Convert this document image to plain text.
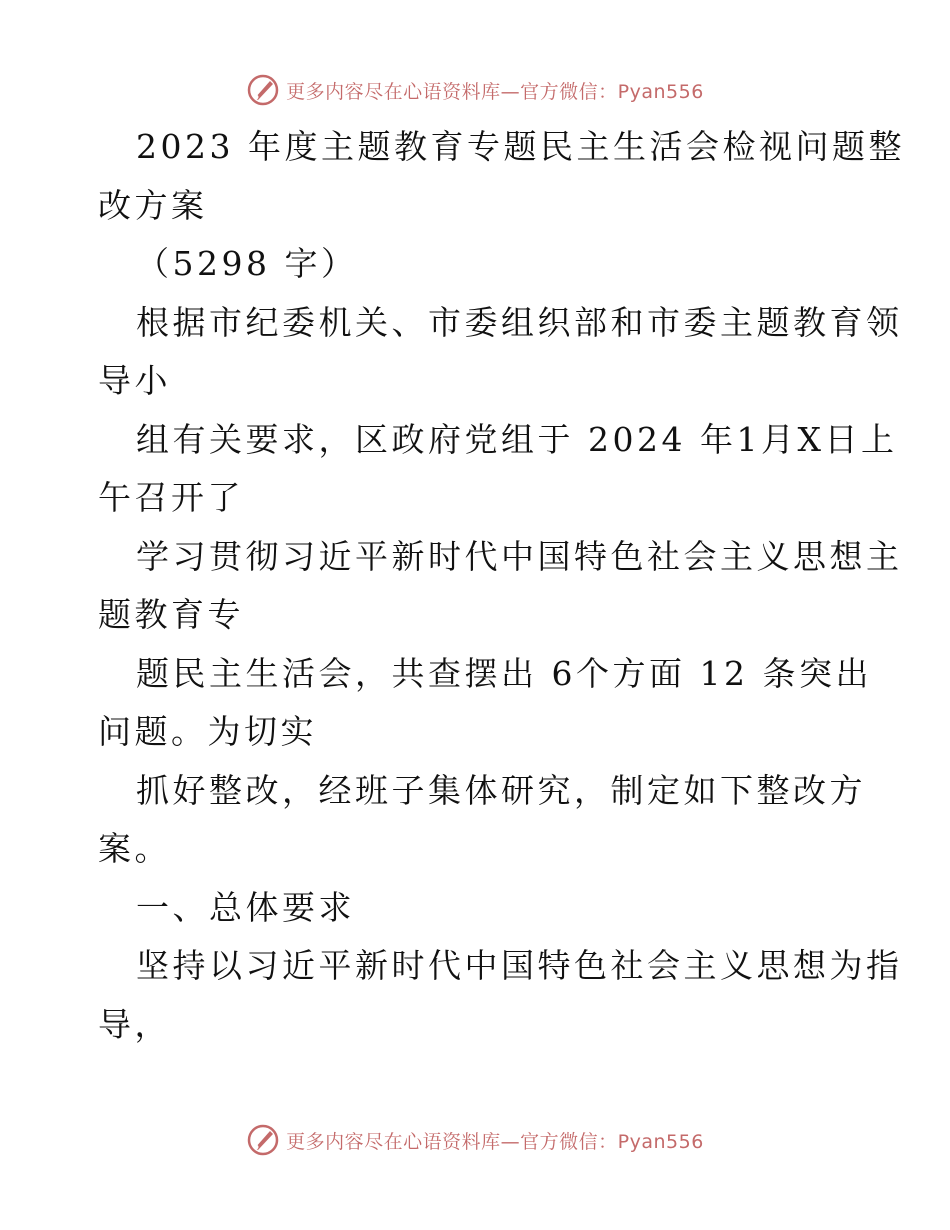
更多内容尽在心语资料库—官方微信：Pyan556
2023 年度主题教育专题民主生活会检视问题整
改方案
（5298 字）
根据市纪委机关、市委组织部和市委主题教育领
导小
组有关要求，区政府党组于 2024 年1月X日上
午召开了
学习贯彻习近平新时代中国特色社会主义思想主
题教育专
题民主生活会，共查摆出 6个方面 12 条突出
问题。为切实
抓好整改，经班子集体研究，制定如下整改方
案。
一、总体要求
坚持以习近平新时代中国特色社会主义思想为指
导，
更多内容尽在心语资料库—官方微信：Pyan556
